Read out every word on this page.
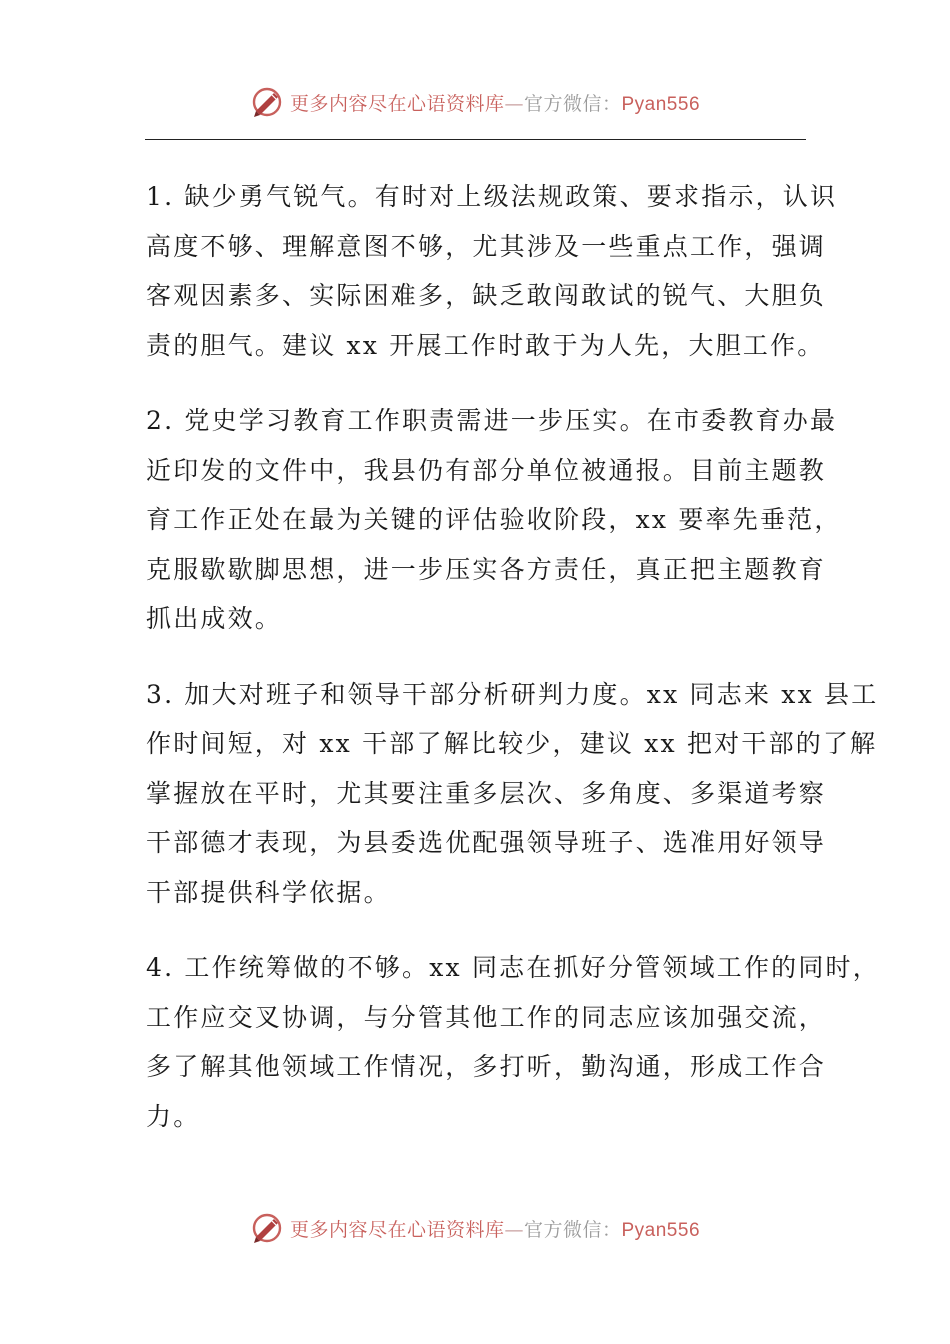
更多内容尽在心语资料库—官方微信：Pyan556
1. 缺少勇气锐气。有时对上级法规政策、要求指示，认识
高度不够、理解意图不够，尤其涉及一些重点工作，强调
客观因素多、实际困难多，缺乏敢闯敢试的锐气、大胆负
责的胆气。建议 xx 开展工作时敢于为人先，大胆工作。
2. 党史学习教育工作职责需进一步压实。在市委教育办最
近印发的文件中，我县仍有部分单位被通报。目前主题教
育工作正处在最为关键的评估验收阶段，xx 要率先垂范，
克服歇歇脚思想，进一步压实各方责任，真正把主题教育
抓出成效。
3. 加大对班子和领导干部分析研判力度。xx 同志来 xx 县工
作时间短，对 xx 干部了解比较少，建议 xx 把对干部的了解
掌握放在平时，尤其要注重多层次、多角度、多渠道考察
干部德才表现，为县委选优配强领导班子、选准用好领导
干部提供科学依据。
4. 工作统筹做的不够。xx 同志在抓好分管领域工作的同时，
工作应交叉协调，与分管其他工作的同志应该加强交流，
多了解其他领域工作情况，多打听，勤沟通，形成工作合
力。
更多内容尽在心语资料库—官方微信：Pyan556
